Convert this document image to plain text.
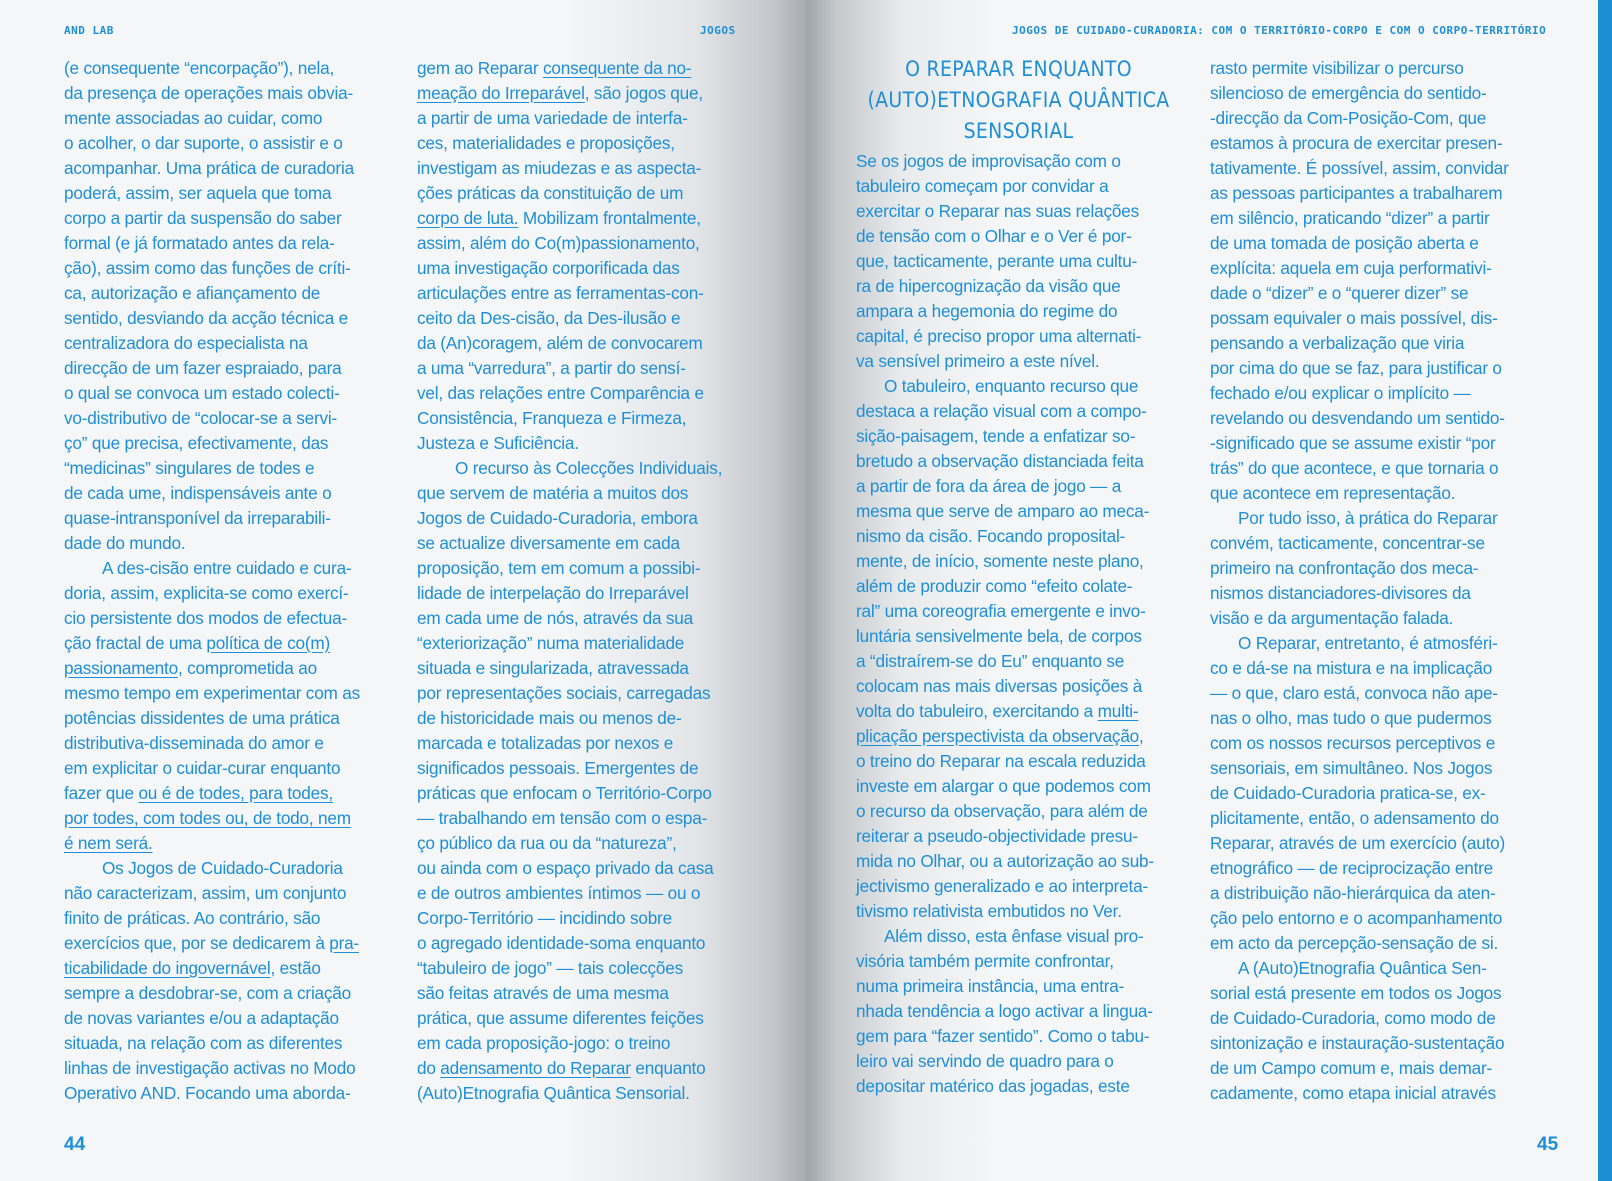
AND LAB	JOGOS
(e consequente “encorpação”), nela,
da presença de operações mais obvia-
mente associadas ao cuidar, como
o acolher, o dar suporte, o assistir e o
acompanhar. Uma prática de curadoria
poderá, assim, ser aquela que toma
corpo a partir da suspensão do saber
formal (e já formatado antes da rela-
ção), assim como das funções de críti-
ca, autorização e afiançamento de
sentido, desviando da acção técnica e
centralizadora do especialista na
direcção de um fazer espraiado, para
o qual se convoca um estado colecti-
vo-distributivo de “colocar-se a servi-
ço” que precisa, efectivamente, das
“medicinas” singulares de todes e
de cada ume, indispensáveis ante o
quase-intransponível da irreparabili-
dade do mundo.
A des-cisão entre cuidado e cura-
doria, assim, explicita-se como exercí-
cio persistente dos modos de efectua-
ção fractal de uma política de co(m)
passionamento, comprometida ao
mesmo tempo em experimentar com as
potências dissidentes de uma prática
distributiva-disseminada do amor e
em explicitar o cuidar-curar enquanto
fazer que ou é de todes, para todes,
por todes, com todes ou, de todo, nem
é nem será.
Os Jogos de Cuidado-Curadoria
não caracterizam, assim, um conjunto
finito de práticas. Ao contrário, são
exercícios que, por se dedicarem à pra-
ticabilidade do ingovernável, estão
sempre a desdobrar-se, com a criação
de novas variantes e/ou a adaptação
situada, na relação com as diferentes
linhas de investigação activas no Modo
Operativo AND. Focando uma aborda-
gem ao Reparar consequente da no-
meação do Irreparável, são jogos que,
a partir de uma variedade de interfa-
ces, materialidades e proposições,
investigam as miudezas e as aspecta-
ções práticas da constituição de um
corpo de luta. Mobilizam frontalmente,
assim, além do Co(m)passionamento,
uma investigação corporificada das
articulações entre as ferramentas-con-
ceito da Des-cisão, da Des-ilusão e
da (An)coragem, além de convocarem
a uma “varredura”, a partir do sensí-
vel, das relações entre Comparência e
Consistência, Franqueza e Firmeza,
Justeza e Suficiência.
O recurso às Colecções Individuais,
que servem de matéria a muitos dos
Jogos de Cuidado-Curadoria, embora
se actualize diversamente em cada
proposição, tem em comum a possibi-
lidade de interpelação do Irreparável
em cada ume de nós, através da sua
“exteriorização” numa materialidade
situada e singularizada, atravessada
por representações sociais, carregadas
de historicidade mais ou menos de-
marcada e totalizadas por nexos e
significados pessoais. Emergentes de
práticas que enfocam o Território-Corpo
— trabalhando em tensão com o espa-
ço público da rua ou da “natureza”,
ou ainda com o espaço privado da casa
e de outros ambientes íntimos — ou o
Corpo-Território — incidindo sobre
o agregado identidade-soma enquanto
“tabuleiro de jogo” — tais colecções
são feitas através de uma mesma
prática, que assume diferentes feições
em cada proposição-jogo: o treino
do adensamento do Reparar enquanto
(Auto)Etnografia Quântica Sensorial.
44
JOGOS DE CUIDADO-CURADORIA: COM O TERRITÓRIO-CORPO E COM O CORPO-TERRITÓRIO
O REPARAR ENQUANTO
(AUTO)ETNOGRAFIA QUÂNTICA
SENSORIAL
Se os jogos de improvisação com o
tabuleiro começam por convidar a
exercitar o Reparar nas suas relações
de tensão com o Olhar e o Ver é por-
que, tacticamente, perante uma cultu-
ra de hipercognização da visão que
ampara a hegemonia do regime do
capital, é preciso propor uma alternati-
va sensível primeiro a este nível.
O tabuleiro, enquanto recurso que
destaca a relação visual com a compo-
sição-paisagem, tende a enfatizar so-
bretudo a observação distanciada feita
a partir de fora da área de jogo — a
mesma que serve de amparo ao meca-
nismo da cisão. Focando proposital-
mente, de início, somente neste plano,
além de produzir como “efeito colate-
ral” uma coreografia emergente e invo-
luntária sensivelmente bela, de corpos
a “distraírem-se do Eu” enquanto se
colocam nas mais diversas posições à
volta do tabuleiro, exercitando a multi-
plicação perspectivista da observação,
o treino do Reparar na escala reduzida
investe em alargar o que podemos com
o recurso da observação, para além de
reiterar a pseudo-objectividade presu-
mida no Olhar, ou a autorização ao sub-
jectivismo generalizado e ao interpreta-
tivismo relativista embutidos no Ver.
Além disso, esta ênfase visual pro-
visória também permite confrontar,
numa primeira instância, uma entra-
nhada tendência a logo activar a lingua-
gem para “fazer sentido”. Como o tabu-
leiro vai servindo de quadro para o
depositar matérico das jogadas, este
rasto permite visibilizar o percurso
silencioso de emergência do sentido-
-direcção da Com-Posição-Com, que
estamos à procura de exercitar presen-
tativamente. É possível, assim, convidar
as pessoas participantes a trabalharem
em silêncio, praticando “dizer” a partir
de uma tomada de posição aberta e
explícita: aquela em cuja performativi-
dade o “dizer” e o “querer dizer” se
possam equivaler o mais possível, dis-
pensando a verbalização que viria
por cima do que se faz, para justificar o
fechado e/ou explicar o implícito —
revelando ou desvendando um sentido-
-significado que se assume existir “por
trás” do que acontece, e que tornaria o
que acontece em representação.
Por tudo isso, à prática do Reparar
convém, tacticamente, concentrar-se
primeiro na confrontação dos meca-
nismos distanciadores-divisores da
visão e da argumentação falada.
O Reparar, entretanto, é atmosféri-
co e dá-se na mistura e na implicação
— o que, claro está, convoca não ape-
nas o olho, mas tudo o que pudermos
com os nossos recursos perceptivos e
sensoriais, em simultâneo. Nos Jogos
de Cuidado-Curadoria pratica-se, ex-
plicitamente, então, o adensamento do
Reparar, através de um exercício (auto)
etnográfico — de reciprocização entre
a distribuição não-hierárquica da aten-
ção pelo entorno e o acompanhamento
em acto da percepção-sensação de si.
A (Auto)Etnografia Quântica Sen-
sorial está presente em todos os Jogos
de Cuidado-Curadoria, como modo de
sintonização e instauração-sustentação
de um Campo comum e, mais demar-
cadamente, como etapa inicial através
45
